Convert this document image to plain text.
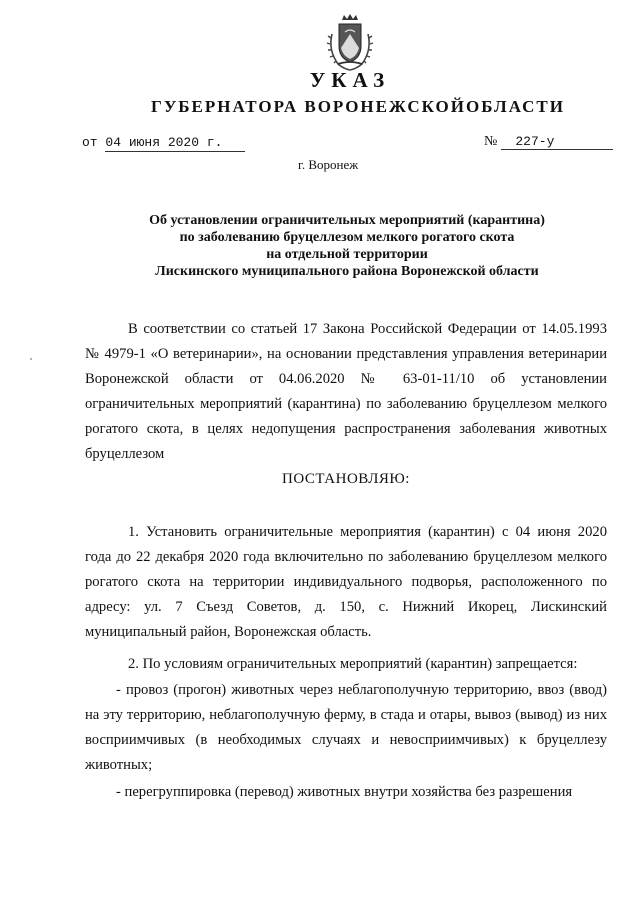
УКАЗ
ГУБЕРНАТОРА ВОРОНЕЖСКОЙОБЛАСТИ
от 04 июня 2020 г.	№ 227-у
г. Воронеж
Об установлении ограничительных мероприятий (карантина)
по заболеванию бруцеллезом мелкого рогатого скота
на отдельной территории
Лискинского муниципального района Воронежской области
В соответствии со статьей 17 Закона Российской Федерации от 14.05.1993 № 4979-1 «О ветеринарии», на основании представления управления ветеринарии Воронежской области от 04.06.2020 № 63-01-11/10 об установлении ограничительных мероприятий (карантина) по заболеванию бруцеллезом мелкого рогатого скота, в целях недопущения распространения заболевания животных бруцеллезом
ПОСТАНОВЛЯЮ:
1. Установить ограничительные мероприятия (карантин) с 04 июня 2020 года до 22 декабря 2020 года включительно по заболеванию бруцеллезом мелкого рогатого скота на территории индивидуального подворья, расположенного по адресу: ул. 7 Съезд Советов, д. 150, с. Нижний Икорец, Лискинский муниципальный район, Воронежская область.
2. По условиям ограничительных мероприятий (карантин) запрещается:
- провоз (прогон) животных через неблагополучную территорию, ввоз (ввод) на эту территорию, неблагополучную ферму, в стада и отары, вывоз (вывод) из них восприимчивых (в необходимых случаях и невосприимчивых) к бруцеллезу животных;
- перегруппировка (перевод) животных внутри хозяйства без разрешения
